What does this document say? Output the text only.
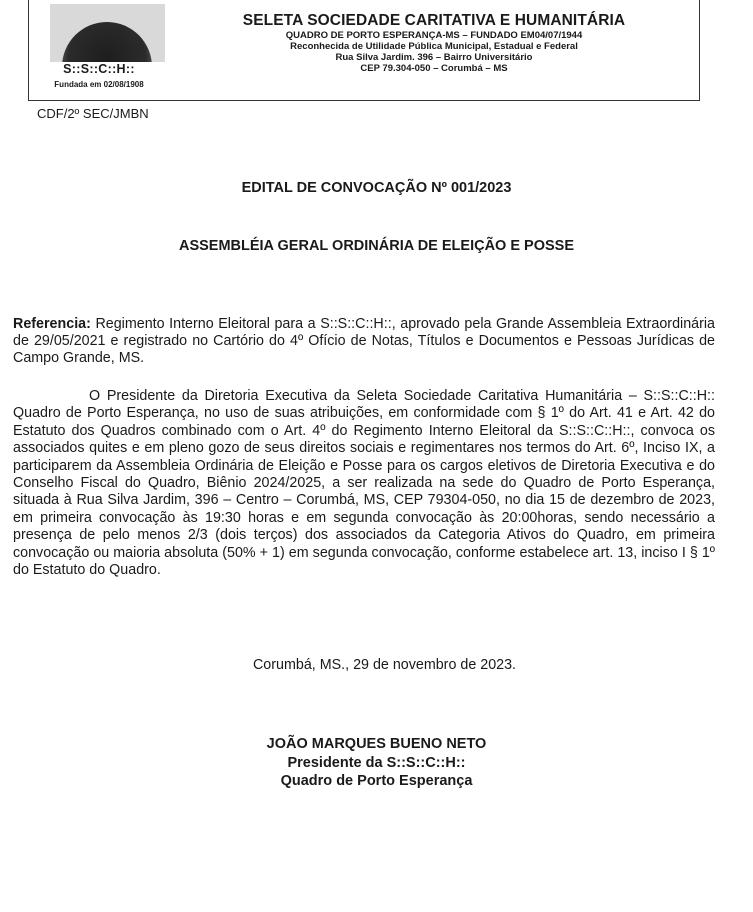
S::S::C::H::
Fundada em 02/08/1908
SELETA SOCIEDADE CARITATIVA E HUMANITÁRIA
QUADRO DE PORTO ESPERANÇA-MS – FUNDADO EM04/07/1944
Reconhecida de Utilidade Pública Municipal, Estadual e Federal
Rua Silva Jardim. 396 – Bairro Universitário
CEP 79.304-050 – Corumbá – MS
CDF/2º SEC/JMBN
EDITAL DE CONVOCAÇÃO Nº 001/2023
ASSEMBLÉIA GERAL ORDINÁRIA DE ELEIÇÃO E POSSE

Referencia: Regimento Interno Eleitoral para a S::S::C::H::, aprovado pela Grande Assembleia Extraordinária de 29/05/2021 e registrado no Cartório do 4º Ofício de Notas, Títulos e Documentos e Pessoas Jurídicas de Campo Grande, MS.

O Presidente da Diretoria Executiva da Seleta Sociedade Caritativa Humanitária – S::S::C::H:: Quadro de Porto Esperança, no uso de suas atribuições, em conformidade com § 1º do Art. 41 e Art. 42 do Estatuto dos Quadros combinado com o Art. 4º do Regimento Interno Eleitoral da S::S::C::H::, convoca os associados quites e em pleno gozo de seus direitos sociais e regimentares nos termos do Art. 6º, Inciso IX, a participarem da Assembleia Ordinária de Eleição e Posse para os cargos eletivos de Diretoria Executiva e do Conselho Fiscal do Quadro, Biênio 2024/2025, a ser realizada na sede do Quadro de Porto Esperança, situada à Rua Silva Jardim, 396 – Centro – Corumbá, MS, CEP 79304-050, no dia 15 de dezembro de 2023, em primeira convocação às 19:30 horas e em segunda convocação às 20:00horas, sendo necessário a presença de pelo menos 2/3 (dois terços) dos associados da Categoria Ativos do Quadro, em primeira convocação ou maioria absoluta (50% + 1) em segunda convocação, conforme estabelece art. 13, inciso I § 1º do Estatuto do Quadro.

Corumbá, MS., 29 de novembro de 2023.
JOÃO MARQUES BUENO NETO
Presidente da S::S::C::H::
Quadro de Porto Esperança
